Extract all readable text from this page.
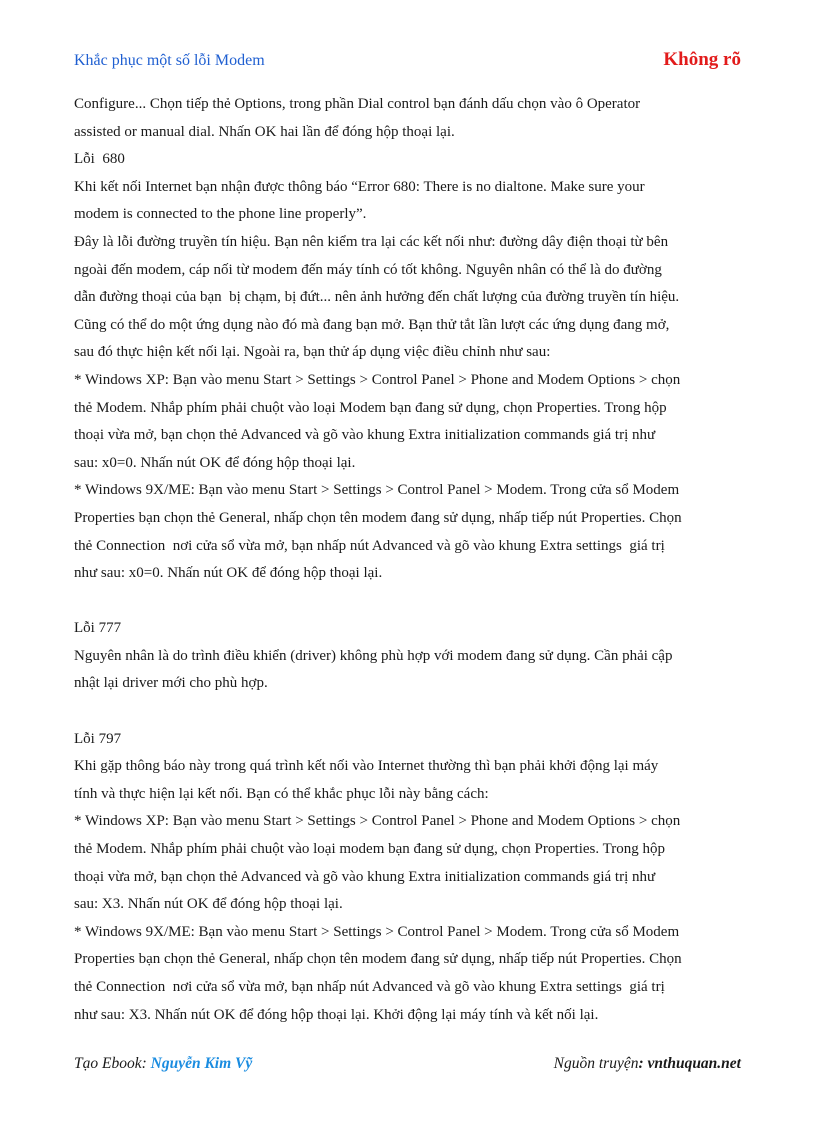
Khắc phục một số lỗi Modem	Không rõ

Configure... Chọn tiếp thẻ Options, trong phần Dial control bạn đánh dấu chọn vào ô Operator

assisted or manual dial. Nhấn OK hai lần để đóng hộp thoại lại.

Lỗi  680

Khi kết nối Internet bạn nhận được thông báo “Error 680: There is no dialtone. Make sure your

modem is connected to the phone line properly”.

Đây là lỗi đường truyền tín hiệu. Bạn nên kiểm tra lại các kết nối như: đường dây điện thoại từ bên

ngoài đến modem, cáp nối từ modem đến máy tính có tốt không. Nguyên nhân có thể là do đường

dẫn đường thoại của bạn  bị chạm, bị đứt... nên ảnh hưởng đến chất lượng của đường truyền tín hiệu.

Cũng có thể do một ứng dụng nào đó mà đang bạn mở. Bạn thử tắt lần lượt các ứng dụng đang mở,

sau đó thực hiện kết nối lại. Ngoài ra, bạn thử áp dụng việc điều chỉnh như sau:

* Windows XP: Bạn vào menu Start > Settings > Control Panel > Phone and Modem Options > chọn

thẻ Modem. Nhắp phím phải chuột vào loại Modem bạn đang sử dụng, chọn Properties. Trong hộp

thoại vừa mở, bạn chọn thẻ Advanced và gõ vào khung Extra initialization commands giá trị như

sau: x0=0. Nhấn nút OK để đóng hộp thoại lại.

* Windows 9X/ME: Bạn vào menu Start > Settings > Control Panel > Modem. Trong cửa sổ Modem

Properties bạn chọn thẻ General, nhấp chọn tên modem đang sử dụng, nhấp tiếp nút Properties. Chọn

thẻ Connection  nơi cửa sổ vừa mở, bạn nhấp nút Advanced và gõ vào khung Extra settings  giá trị

như sau: x0=0. Nhấn nút OK để đóng hộp thoại lại.

Lỗi 777

Nguyên nhân là do trình điều khiển (driver) không phù hợp với modem đang sử dụng. Cần phải cập

nhật lại driver mới cho phù hợp.

Lỗi 797

Khi gặp thông báo này trong quá trình kết nối vào Internet thường thì bạn phải khởi động lại máy

tính và thực hiện lại kết nối. Bạn có thể khắc phục lỗi này bằng cách:

* Windows XP: Bạn vào menu Start > Settings > Control Panel > Phone and Modem Options > chọn

thẻ Modem. Nhắp phím phải chuột vào loại modem bạn đang sử dụng, chọn Properties. Trong hộp

thoại vừa mở, bạn chọn thẻ Advanced và gõ vào khung Extra initialization commands giá trị như

sau: X3. Nhấn nút OK để đóng hộp thoại lại.

* Windows 9X/ME: Bạn vào menu Start > Settings > Control Panel > Modem. Trong cửa sổ Modem

Properties bạn chọn thẻ General, nhấp chọn tên modem đang sử dụng, nhấp tiếp nút Properties. Chọn

thẻ Connection  nơi cửa sổ vừa mở, bạn nhấp nút Advanced và gõ vào khung Extra settings  giá trị

như sau: X3. Nhấn nút OK để đóng hộp thoại lại. Khởi động lại máy tính và kết nối lại.

Tạo Ebook: Nguyễn Kim Vỹ	Nguồn truyện: vnthuquan.net
